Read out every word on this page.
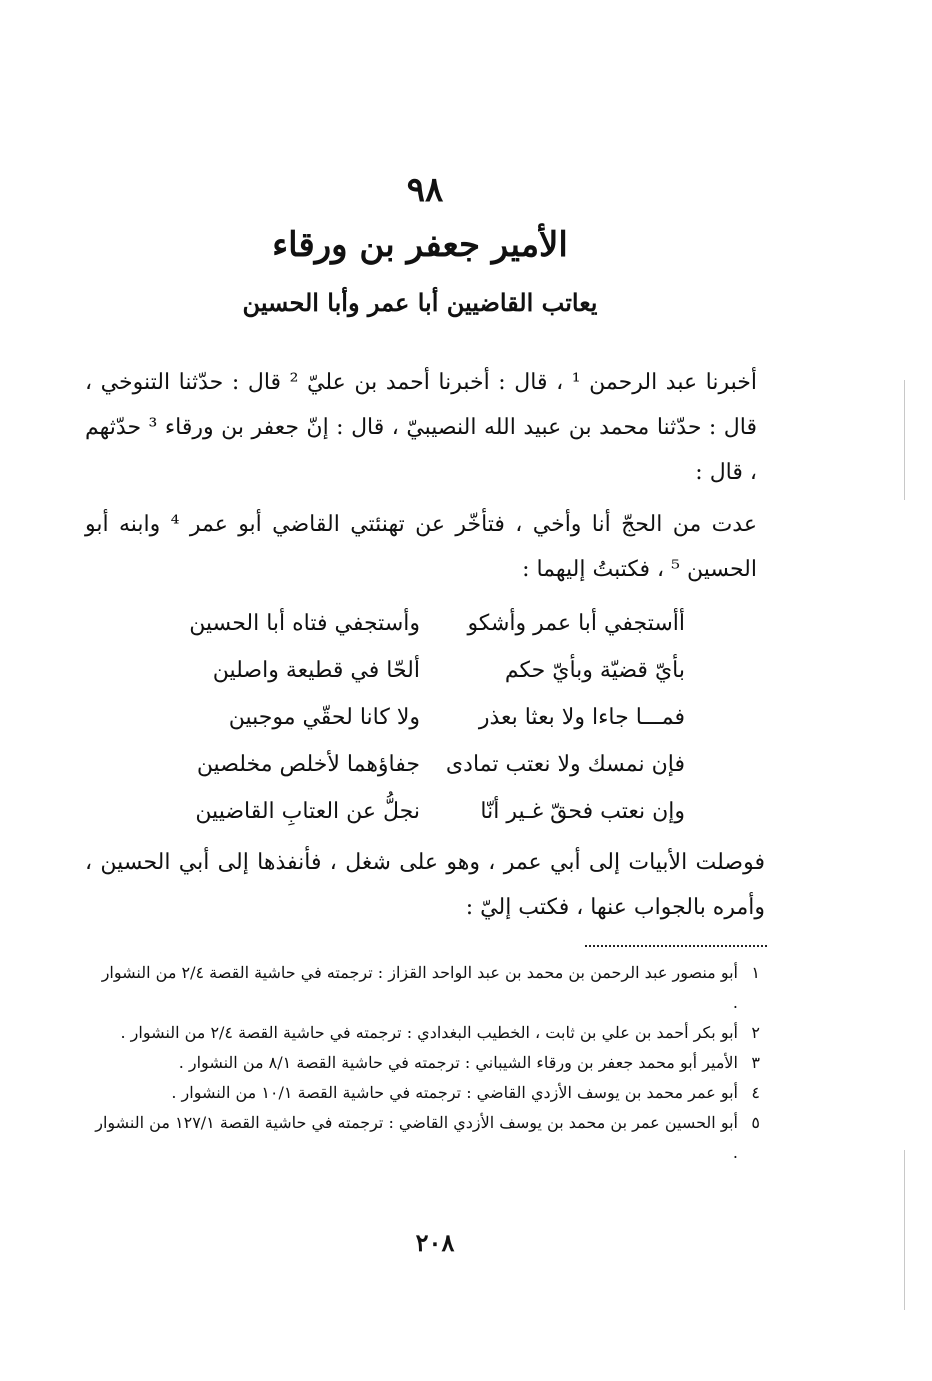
٩٨
الأمير جعفر بن ورقاء
يعاتب القاضيين أبا عمر وأبا الحسين
أخبرنا عبد الرحمن ¹ ، قال : أخبرنا أحمد بن عليّ ² قال : حدّثنا التنوخي ، قال : حدّثنا محمد بن عبيد الله النصيبيّ ، قال : إنّ جعفر بن ورقاء ³ حدّثهم ، قال :
عدت من الحجّ أنا وأخي ، فتأخّر عن تهنئتي القاضي أبو عمر ⁴ وابنه أبو الحسين ⁵ ، فكتبتُ إليهما :
أأستجفي أبا عمر وأشكو
وأستجفي فتاه أبا الحسين
بأيّ قضيّة وبأيّ حكم
ألحّا في قطيعة واصلين
فمـــا جاءا ولا بعثا بعذر
ولا كانا لحقّي موجبين
فإن نمسك ولا نعتب تمادى
جفاؤهما لأخلص مخلصين
وإن نعتب فحقّ غـير أنّا
نجلُّ عن العتابِ القاضيين
فوصلت الأبيات إلى أبي عمر ، وهو على شغل ، فأنفذها إلى أبي الحسين ، وأمره بالجواب عنها ، فكتب إليّ :
١
أبو منصور عبد الرحمن بن محمد بن عبد الواحد القزاز : ترجمته في حاشية القصة ٢/٤ من النشوار .
٢
أبو بكر أحمد بن علي بن ثابت ، الخطيب البغدادي : ترجمته في حاشية القصة ٢/٤ من النشوار .
٣
الأمير أبو محمد جعفر بن ورقاء الشيباني : ترجمته في حاشية القصة ٨/١ من النشوار .
٤
أبو عمر محمد بن يوسف الأزدي القاضي : ترجمته في حاشية القصة ١٠/١ من النشوار .
٥
أبو الحسين عمر بن محمد بن يوسف الأزدي القاضي : ترجمته في حاشية القصة ١٢٧/١ من النشوار .
٢٠٨
